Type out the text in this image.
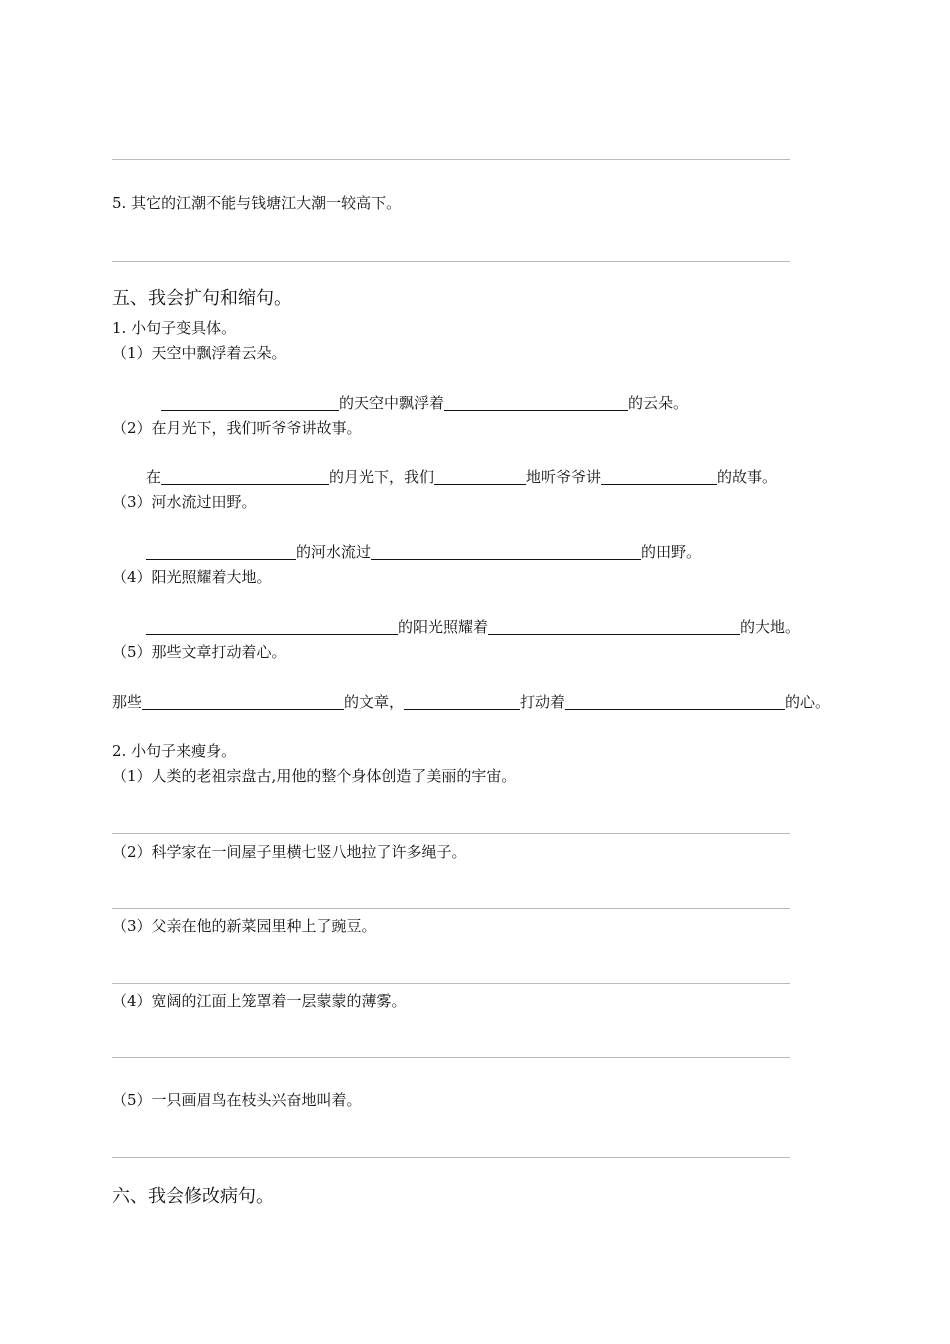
5. 其它的江潮不能与钱塘江大潮一较高下。
五、我会扩句和缩句。
1. 小句子变具体。
（1）天空中飘浮着云朵。
的天空中飘浮着	的云朵。
（2）在月光下，我们听爷爷讲故事。
在	的月光下，我们	地听爷爷讲	的故事。
（3）河水流过田野。
的河水流过	的田野。
（4）阳光照耀着大地。
的阳光照耀着	的大地。
（5）那些文章打动着心。
那些	的文章，	打动着	的心。
2. 小句子来瘦身。
（1）人类的老祖宗盘古,用他的整个身体创造了美丽的宇宙。
（2）科学家在一间屋子里横七竖八地拉了许多绳子。
（3）父亲在他的新菜园里种上了豌豆。
（4）宽阔的江面上笼罩着一层蒙蒙的薄雾。
（5）一只画眉鸟在枝头兴奋地叫着。
六、我会修改病句。
